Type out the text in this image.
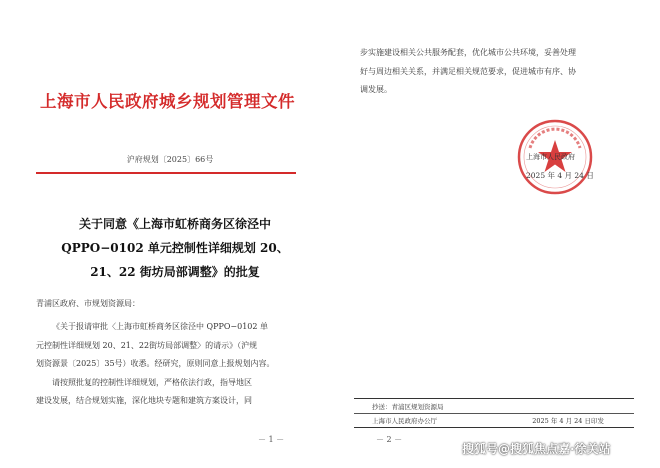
上海市人民政府城乡规划管理文件
沪府规划〔2025〕66号
关于同意《上海市虹桥商务区徐泾中
QPPO−0102 单元控制性详细规划 20、
21、22 街坊局部调整》的批复
青浦区政府、市规划资源局：
《关于报请审批〈上海市虹桥商务区徐泾中 QPPO−0102 单
元控制性详细规划 20、21、22街坊局部调整〉的请示》（沪规
划资源景〔2025〕35号）收悉。经研究，原则同意上报规划内容。
请按照批复的控制性详细规划，严格依法行政，指导地区
建设发展，结合规划实施，深化地块专题和建筑方案设计，同
－ 1 －
步实施建设相关公共服务配套，优化城市公共环境，妥善处理
好与周边相关关系，并满足相关规范要求，促进城市有序、协
调发展。
上海市人民政府
2025 年 4 月 24 日
抄送：青浦区规划资源局
上海市人民政府办公厅	2025 年 4 月 24 日印发
－ 2 －
搜狐号@搜狐焦点嘉·徐关站
